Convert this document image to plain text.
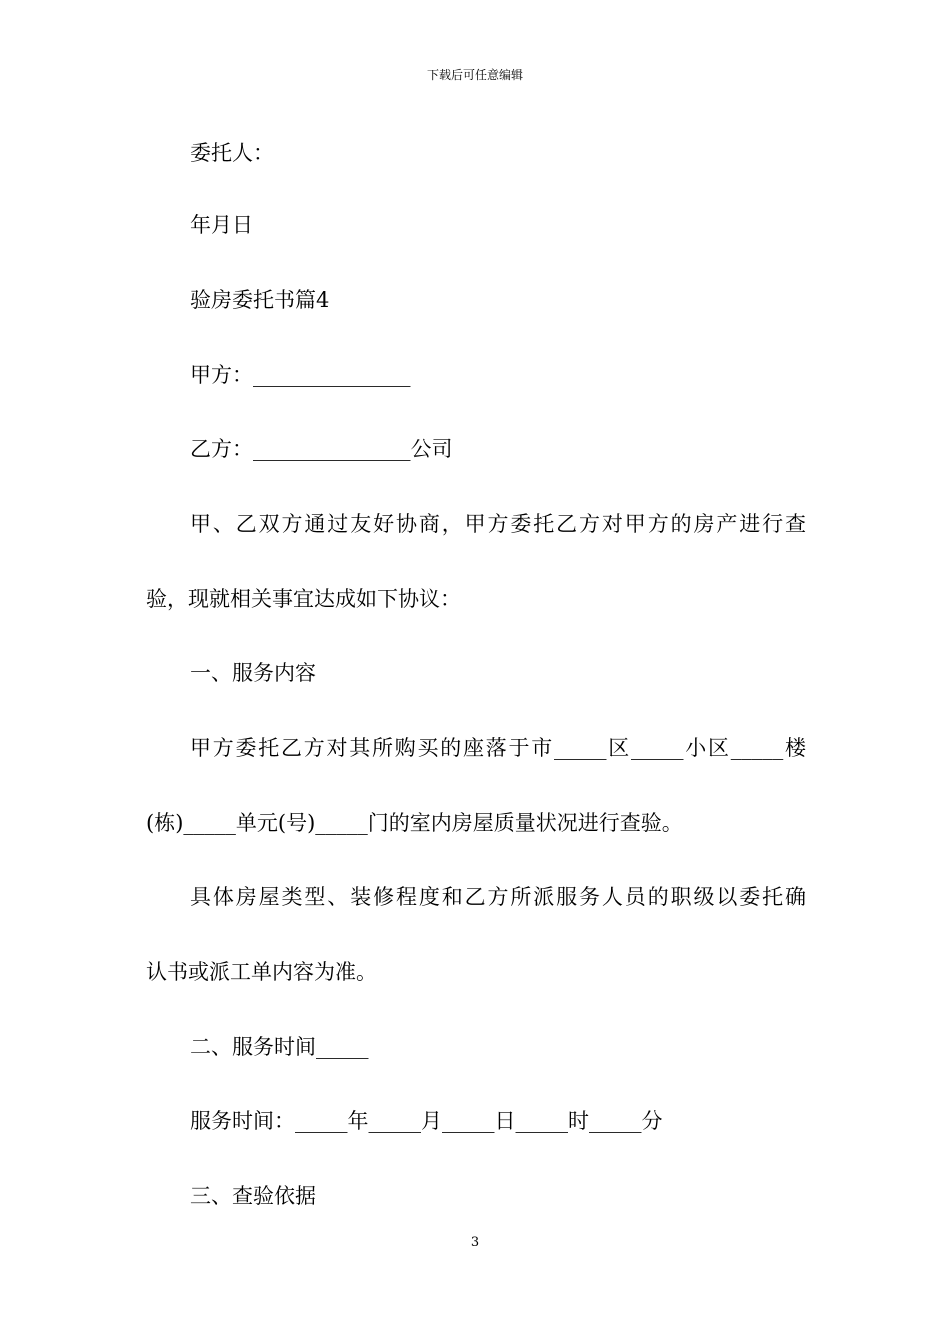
下载后可任意编辑

委托人：

年月日

验房委托书篇4

甲方：_______________

乙方：_______________公司

甲、乙双方通过友好协商，甲方委托乙方对甲方的房产进行查

验，现就相关事宜达成如下协议：

一、服务内容

甲方委托乙方对其所购买的座落于市_____区_____小区_____楼

(栋)_____单元(号)_____门的室内房屋质量状况进行查验。

具体房屋类型、装修程度和乙方所派服务人员的职级以委托确

认书或派工单内容为准。

二、服务时间_____

服务时间：_____年_____月_____日_____时_____分

三、查验依据

3
